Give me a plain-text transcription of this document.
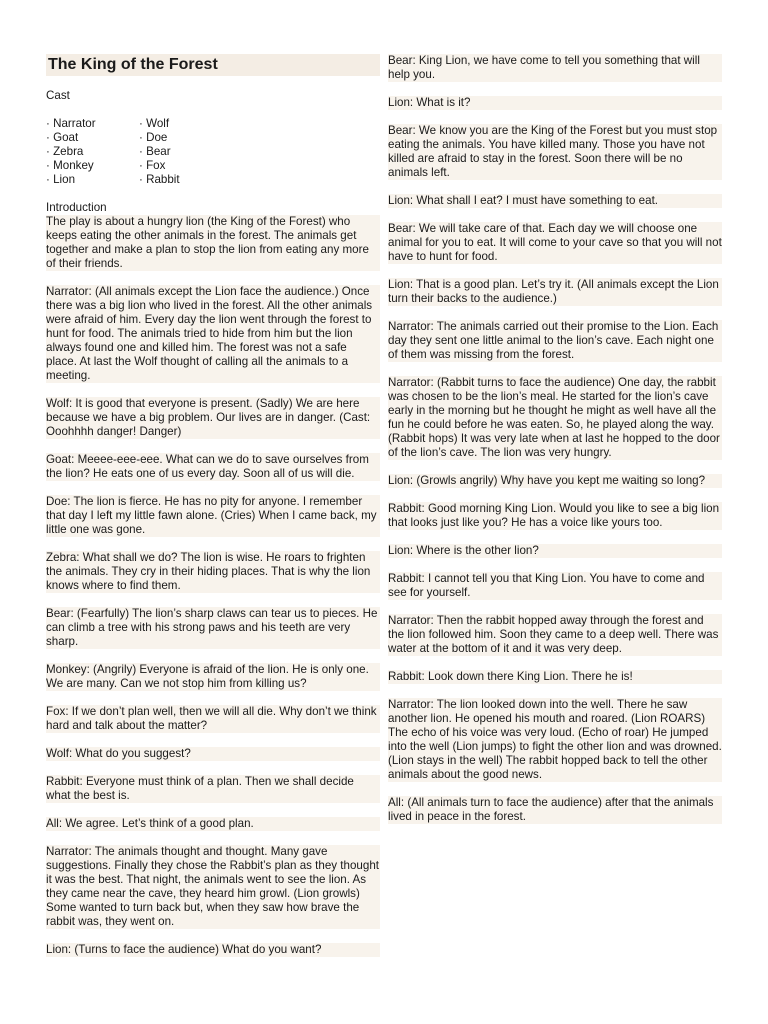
The King of the Forest
Cast
· Narrator
· Goat
· Zebra
· Monkey
· Lion
· Wolf
· Doe
· Bear
· Fox
· Rabbit
Introduction
The play is about a hungry lion (the King of the Forest) who keeps eating the other animals in the forest. The animals get together and make a plan to stop the lion from eating any more of their friends.
Narrator: (All animals except the Lion face the audience.) Once there was a big lion who lived in the forest. All the other animals were afraid of him. Every day the lion went through the forest to hunt for food. The animals tried to hide from him but the lion always found one and killed him. The forest was not a safe place. At last the Wolf thought of calling all the animals to a meeting.
Wolf: It is good that everyone is present. (Sadly) We are here because we have a big problem. Our lives are in danger. (Cast: Ooohhhh danger! Danger)
Goat: Meeee-eee-eee. What can we do to save ourselves from the lion? He eats one of us every day. Soon all of us will die.
Doe: The lion is fierce. He has no pity for anyone. I remember that day I left my little fawn alone. (Cries) When I came back, my little one was gone.
Zebra: What shall we do? The lion is wise. He roars to frighten the animals. They cry in their hiding places. That is why the lion knows where to find them.
Bear: (Fearfully) The lion’s sharp claws can tear us to pieces. He can climb a tree with his strong paws and his teeth are very sharp.
Monkey: (Angrily) Everyone is afraid of the lion. He is only one. We are many. Can we not stop him from killing us?
Fox: If we don’t plan well, then we will all die. Why don’t we think hard and talk about the matter?
Wolf: What do you suggest?
Rabbit: Everyone must think of a plan. Then we shall decide what the best is.
All: We agree. Let’s think of a good plan.
Narrator: The animals thought and thought. Many gave suggestions. Finally they chose the Rabbit’s plan as they thought it was the best. That night, the animals went to see the lion. As they came near the cave, they heard him growl. (Lion growls) Some wanted to turn back but, when they saw how brave the rabbit was, they went on.
Lion: (Turns to face the audience) What do you want?
Bear: King Lion, we have come to tell you something that will help you.
Lion: What is it?
Bear: We know you are the King of the Forest but you must stop eating the animals. You have killed many. Those you have not killed are afraid to stay in the forest. Soon there will be no animals left.
Lion: What shall I eat? I must have something to eat.
Bear: We will take care of that. Each day we will choose one animal for you to eat. It will come to your cave so that you will not have to hunt for food.
Lion: That is a good plan. Let’s try it. (All animals except the Lion turn their backs to the audience.)
Narrator: The animals carried out their promise to the Lion. Each day they sent one little animal to the lion’s cave. Each night one of them was missing from the forest.
Narrator: (Rabbit turns to face the audience) One day, the rabbit was chosen to be the lion’s meal. He started for the lion’s cave early in the morning but he thought he might as well have all the fun he could before he was eaten. So, he played along the way. (Rabbit hops) It was very late when at last he hopped to the door of the lion’s cave. The lion was very hungry.
Lion: (Growls angrily) Why have you kept me waiting so long?
Rabbit: Good morning King Lion. Would you like to see a big lion that looks just like you? He has a voice like yours too.
Lion: Where is the other lion?
Rabbit: I cannot tell you that King Lion. You have to come and see for yourself.
Narrator: Then the rabbit hopped away through the forest and the lion followed him. Soon they came to a deep well. There was water at the bottom of it and it was very deep.
Rabbit: Look down there King Lion. There he is!
Narrator: The lion looked down into the well. There he saw another lion. He opened his mouth and roared. (Lion ROARS) The echo of his voice was very loud. (Echo of roar) He jumped into the well (Lion jumps) to fight the other lion and was drowned. (Lion stays in the well) The rabbit hopped back to tell the other animals about the good news.
All: (All animals turn to face the audience) after that the animals lived in peace in the forest.
